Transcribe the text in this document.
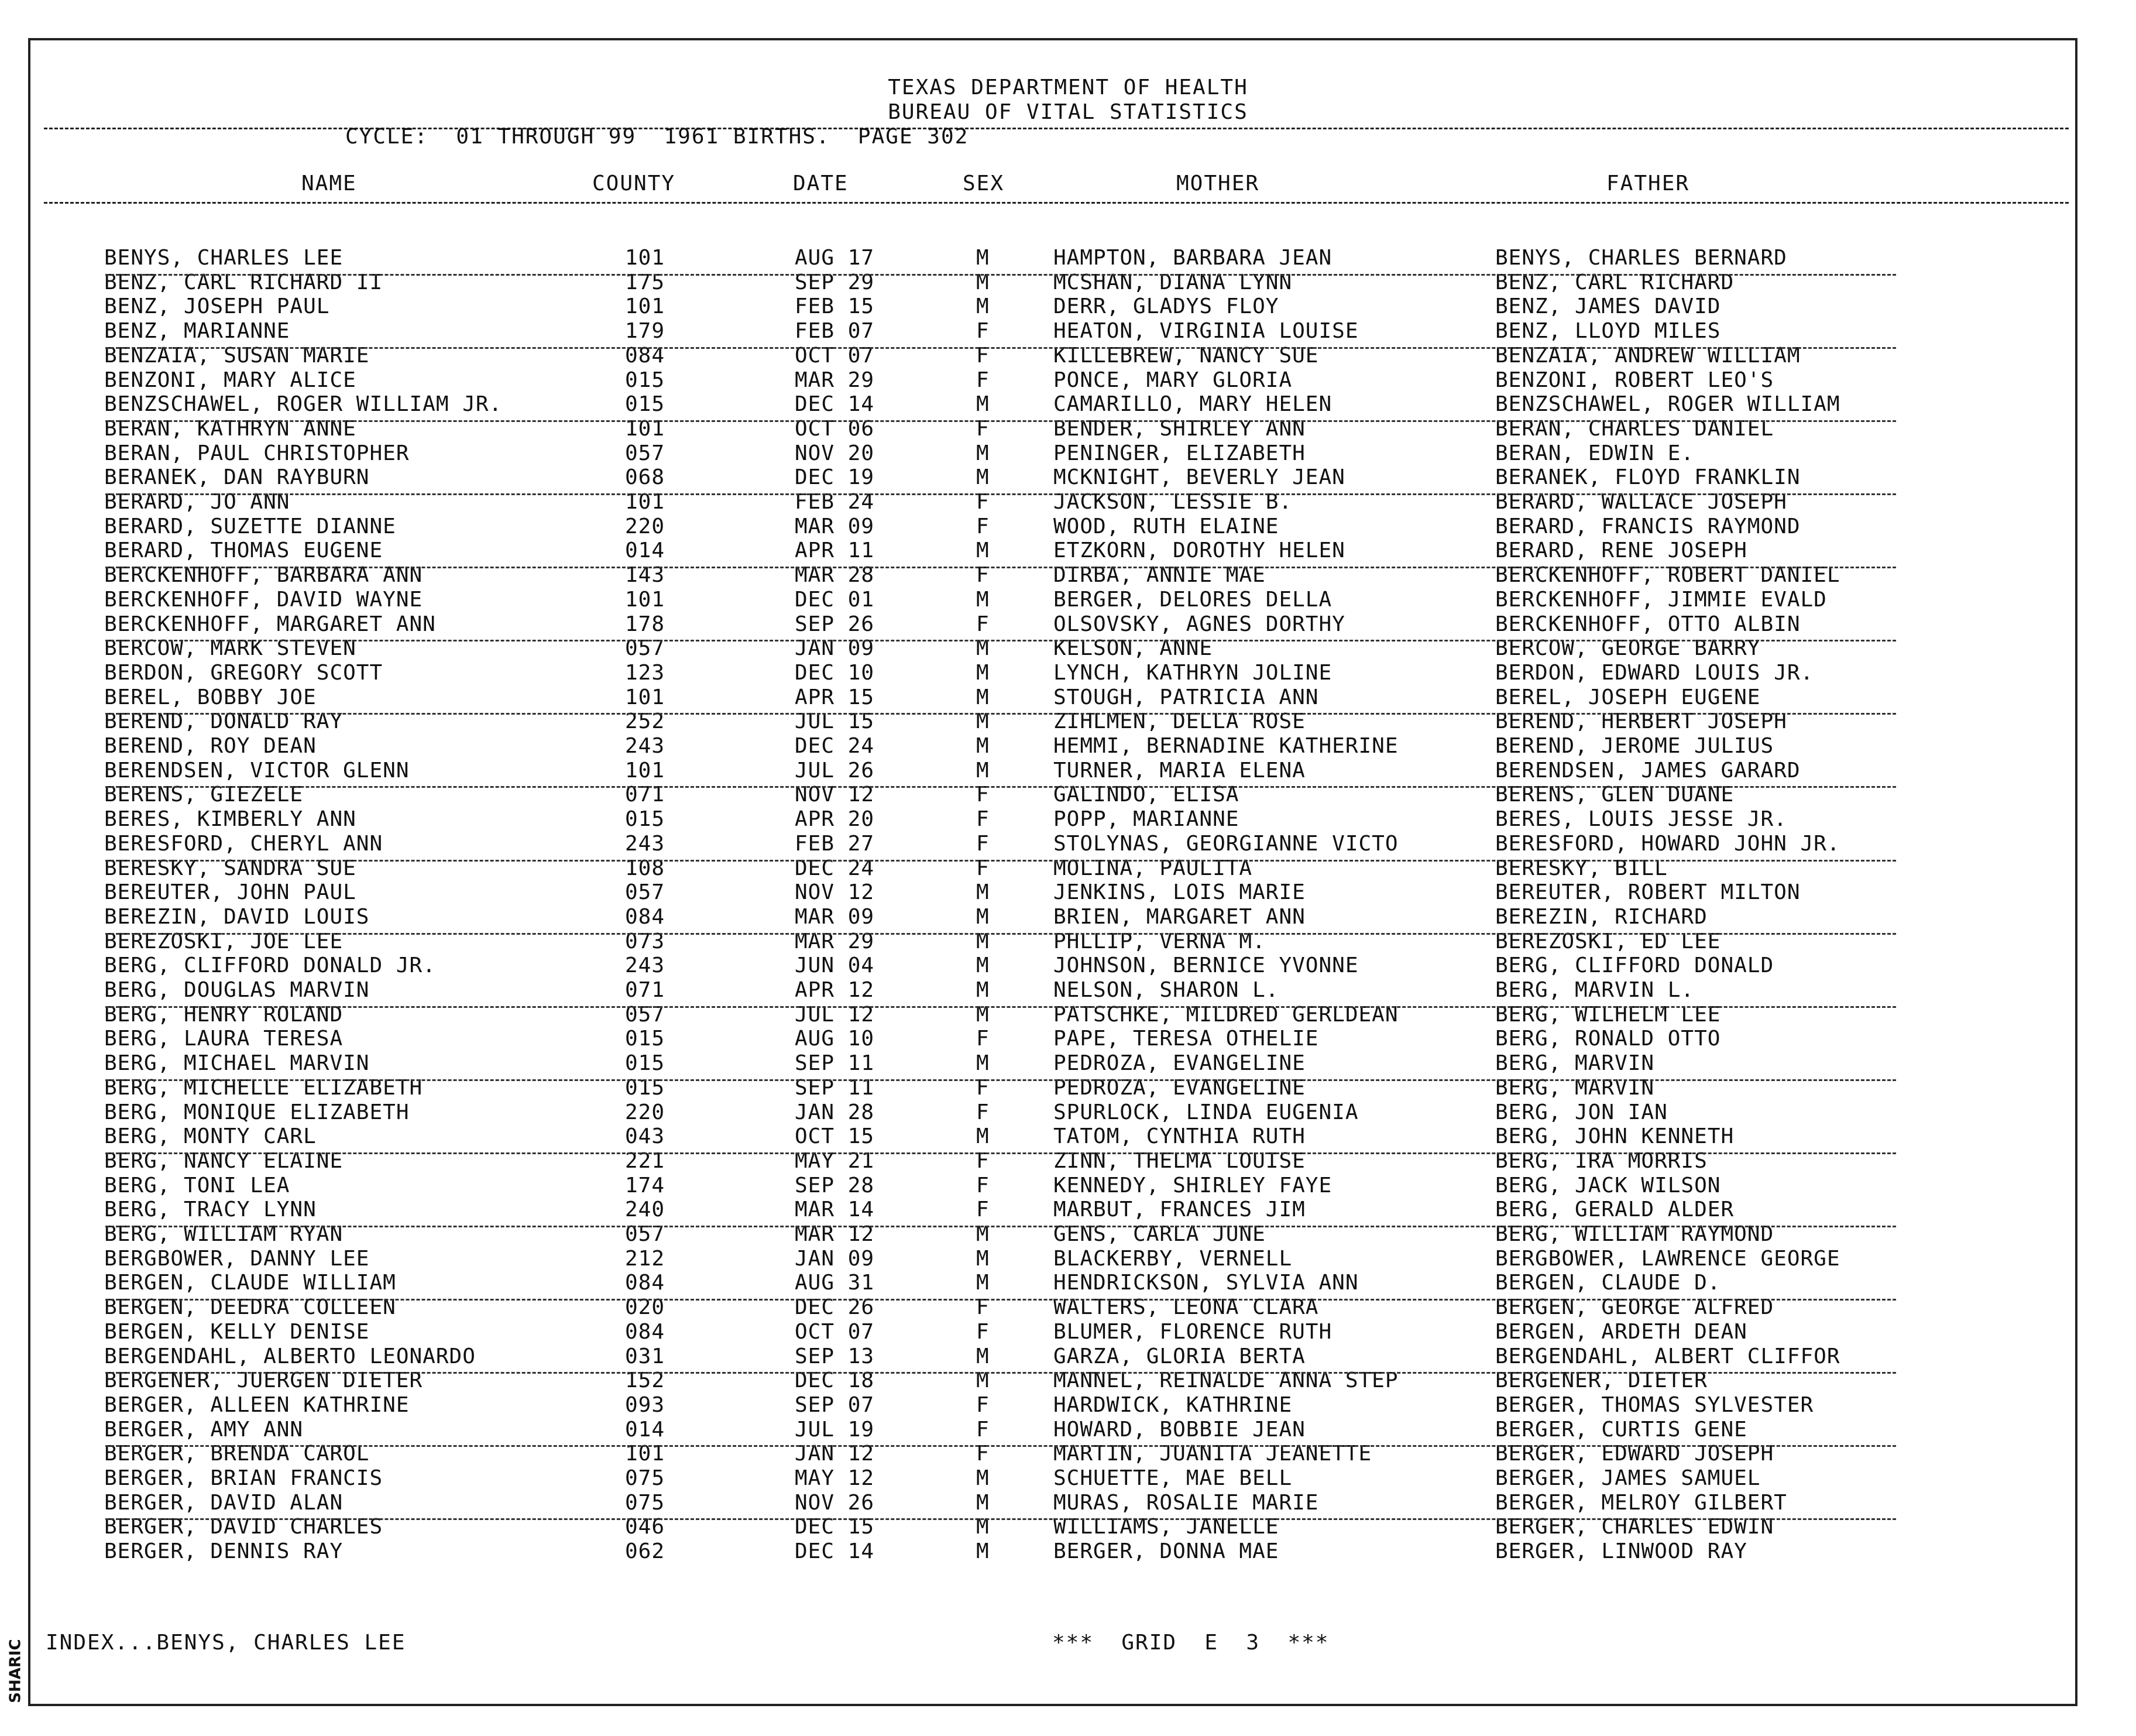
TEXAS DEPARTMENT OF HEALTH
BUREAU OF VITAL STATISTICS
CYCLE:  01 THROUGH 99  1961 BIRTHS.  PAGE 302
NAME	COUNTY	DATE	SEX	MOTHER	FATHER
BENYS, CHARLES LEE	101	AUG 17	M	HAMPTON, BARBARA JEAN	BENYS, CHARLES BERNARD
BENZ, CARL RICHARD II	175	SEP 29	M	MCSHAN, DIANA LYNN	BENZ, CARL RICHARD
BENZ, JOSEPH PAUL	101	FEB 15	M	DERR, GLADYS FLOY	BENZ, JAMES DAVID
BENZ, MARIANNE	179	FEB 07	F	HEATON, VIRGINIA LOUISE	BENZ, LLOYD MILES
BENZAIA, SUSAN MARIE	084	OCT 07	F	KILLEBREW, NANCY SUE	BENZAIA, ANDREW WILLIAM
BENZONI, MARY ALICE	015	MAR 29	F	PONCE, MARY GLORIA	BENZONI, ROBERT LEO'S
BENZSCHAWEL, ROGER WILLIAM JR.	015	DEC 14	M	CAMARILLO, MARY HELEN	BENZSCHAWEL, ROGER WILLIAM
BERAN, KATHRYN ANNE	101	OCT 06	F	BENDER, SHIRLEY ANN	BERAN, CHARLES DANIEL
BERAN, PAUL CHRISTOPHER	057	NOV 20	M	PENINGER, ELIZABETH	BERAN, EDWIN E.
BERANEK, DAN RAYBURN	068	DEC 19	M	MCKNIGHT, BEVERLY JEAN	BERANEK, FLOYD FRANKLIN
BERARD, JO ANN	101	FEB 24	F	JACKSON, LESSIE B.	BERARD, WALLACE JOSEPH
BERARD, SUZETTE DIANNE	220	MAR 09	F	WOOD, RUTH ELAINE	BERARD, FRANCIS RAYMOND
BERARD, THOMAS EUGENE	014	APR 11	M	ETZKORN, DOROTHY HELEN	BERARD, RENE JOSEPH
BERCKENHOFF, BARBARA ANN	143	MAR 28	F	DIRBA, ANNIE MAE	BERCKENHOFF, ROBERT DANIEL
BERCKENHOFF, DAVID WAYNE	101	DEC 01	M	BERGER, DELORES DELLA	BERCKENHOFF, JIMMIE EVALD
BERCKENHOFF, MARGARET ANN	178	SEP 26	F	OLSOVSKY, AGNES DORTHY	BERCKENHOFF, OTTO ALBIN
BERCOW, MARK STEVEN	057	JAN 09	M	KELSON, ANNE	BERCOW, GEORGE BARRY
BERDON, GREGORY SCOTT	123	DEC 10	M	LYNCH, KATHRYN JOLINE	BERDON, EDWARD LOUIS JR.
BEREL, BOBBY JOE	101	APR 15	M	STOUGH, PATRICIA ANN	BEREL, JOSEPH EUGENE
BEREND, DONALD RAY	252	JUL 15	M	ZIHLMEN, DELLA ROSE	BEREND, HERBERT JOSEPH
BEREND, ROY DEAN	243	DEC 24	M	HEMMI, BERNADINE KATHERINE	BEREND, JEROME JULIUS
BERENDSEN, VICTOR GLENN	101	JUL 26	M	TURNER, MARIA ELENA	BERENDSEN, JAMES GARARD
BERENS, GIEZELE	071	NOV 12	F	GALINDO, ELISA	BERENS, GLEN DUANE
BERES, KIMBERLY ANN	015	APR 20	F	POPP, MARIANNE	BERES, LOUIS JESSE JR.
BERESFORD, CHERYL ANN	243	FEB 27	F	STOLYNAS, GEORGIANNE VICTO	BERESFORD, HOWARD JOHN JR.
BERESKY, SANDRA SUE	108	DEC 24	F	MOLINA, PAULITA	BERESKY, BILL
BEREUTER, JOHN PAUL	057	NOV 12	M	JENKINS, LOIS MARIE	BEREUTER, ROBERT MILTON
BEREZIN, DAVID LOUIS	084	MAR 09	M	BRIEN, MARGARET ANN	BEREZIN, RICHARD
BEREZOSKI, JOE LEE	073	MAR 29	M	PHLLIP, VERNA M.	BEREZOSKI, ED LEE
BERG, CLIFFORD DONALD JR.	243	JUN 04	M	JOHNSON, BERNICE YVONNE	BERG, CLIFFORD DONALD
BERG, DOUGLAS MARVIN	071	APR 12	M	NELSON, SHARON L.	BERG, MARVIN L.
BERG, HENRY ROLAND	057	JUL 12	M	PATSCHKE, MILDRED GERLDEAN	BERG, WILHELM LEE
BERG, LAURA TERESA	015	AUG 10	F	PAPE, TERESA OTHELIE	BERG, RONALD OTTO
BERG, MICHAEL MARVIN	015	SEP 11	M	PEDROZA, EVANGELINE	BERG, MARVIN
BERG, MICHELLE ELIZABETH	015	SEP 11	F	PEDROZA, EVANGELINE	BERG, MARVIN
BERG, MONIQUE ELIZABETH	220	JAN 28	F	SPURLOCK, LINDA EUGENIA	BERG, JON IAN
BERG, MONTY CARL	043	OCT 15	M	TATOM, CYNTHIA RUTH	BERG, JOHN KENNETH
BERG, NANCY ELAINE	221	MAY 21	F	ZINN, THELMA LOUISE	BERG, IRA MORRIS
BERG, TONI LEA	174	SEP 28	F	KENNEDY, SHIRLEY FAYE	BERG, JACK WILSON
BERG, TRACY LYNN	240	MAR 14	F	MARBUT, FRANCES JIM	BERG, GERALD ALDER
BERG, WILLIAM RYAN	057	MAR 12	M	GENS, CARLA JUNE	BERG, WILLIAM RAYMOND
BERGBOWER, DANNY LEE	212	JAN 09	M	BLACKERBY, VERNELL	BERGBOWER, LAWRENCE GEORGE
BERGEN, CLAUDE WILLIAM	084	AUG 31	M	HENDRICKSON, SYLVIA ANN	BERGEN, CLAUDE D.
BERGEN, DEEDRA COLLEEN	020	DEC 26	F	WALTERS, LEONA CLARA	BERGEN, GEORGE ALFRED
BERGEN, KELLY DENISE	084	OCT 07	F	BLUMER, FLORENCE RUTH	BERGEN, ARDETH DEAN
BERGENDAHL, ALBERTO LEONARDO	031	SEP 13	M	GARZA, GLORIA BERTA	BERGENDAHL, ALBERT CLIFFOR
BERGENER, JUERGEN DIETER	152	DEC 18	M	MANNEL, REINALDE ANNA STEP	BERGENER, DIETER
BERGER, ALLEEN KATHRINE	093	SEP 07	F	HARDWICK, KATHRINE	BERGER, THOMAS SYLVESTER
BERGER, AMY ANN	014	JUL 19	F	HOWARD, BOBBIE JEAN	BERGER, CURTIS GENE
BERGER, BRENDA CAROL	101	JAN 12	F	MARTIN, JUANITA JEANETTE	BERGER, EDWARD JOSEPH
BERGER, BRIAN FRANCIS	075	MAY 12	M	SCHUETTE, MAE BELL	BERGER, JAMES SAMUEL
BERGER, DAVID ALAN	075	NOV 26	M	MURAS, ROSALIE MARIE	BERGER, MELROY GILBERT
BERGER, DAVID CHARLES	046	DEC 15	M	WILLIAMS, JANELLE	BERGER, CHARLES EDWIN
BERGER, DENNIS RAY	062	DEC 14	M	BERGER, DONNA MAE	BERGER, LINWOOD RAY
INDEX...BENYS, CHARLES LEE	***  GRID  E  3  ***
SHARIC
